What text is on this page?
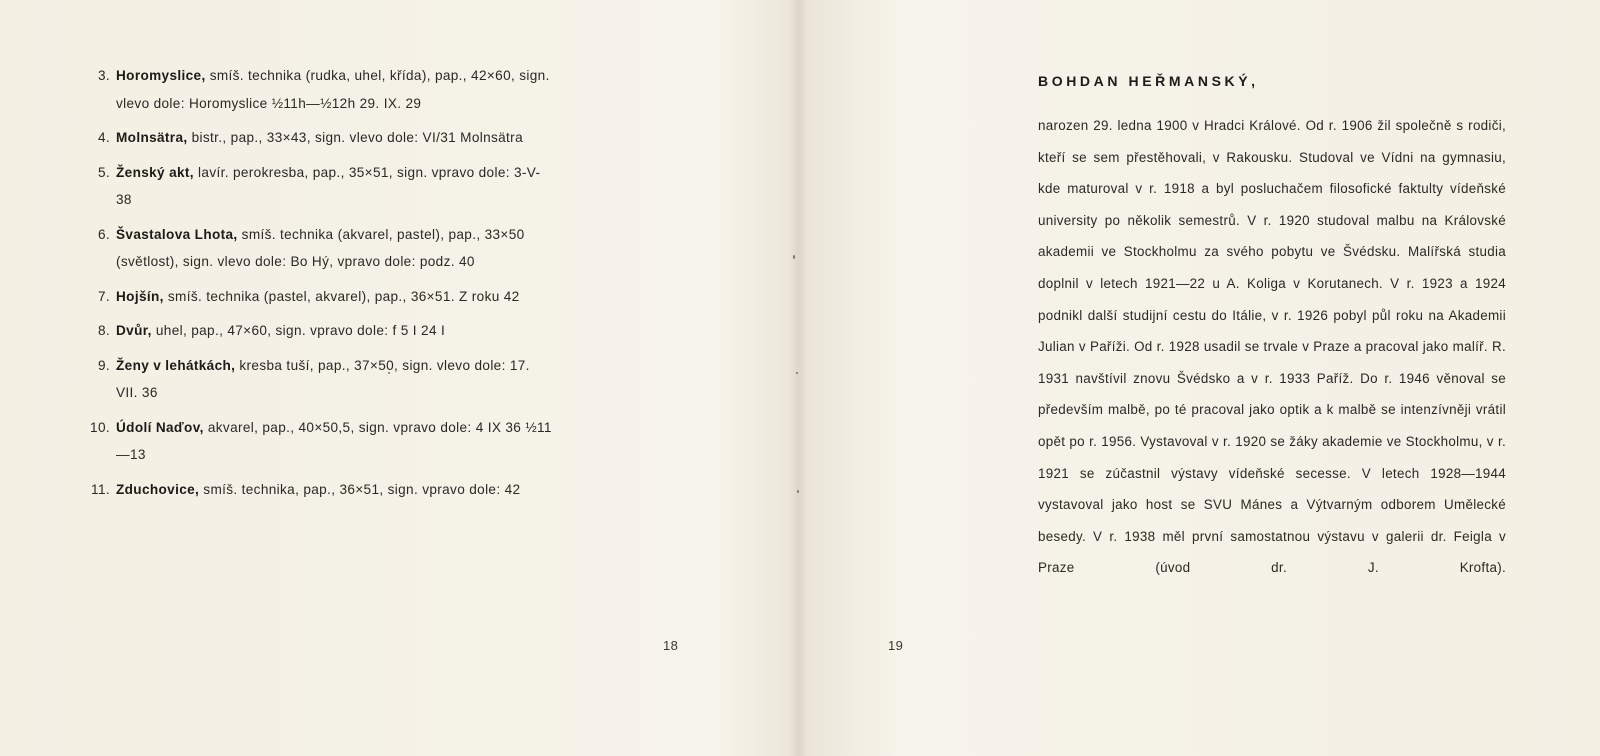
3. Horomyslice, smíš. technika (rudka, uhel, křída), pap., 42×60, sign. vlevo dole: Horomyslice ½11h—½12h 29. IX. 29
4. Molnsätra, bistr., pap., 33×43, sign. vlevo dole: VI/31 Molnsätra
5. Ženský akt, lavír. perokresba, pap., 35×51, sign. vpravo dole: 3-V-38
6. Švastalova Lhota, smíš. technika (akvarel, pastel), pap., 33×50 (světlost), sign. vlevo dole: Bo Hý, vpravo dole: podz. 40
7. Hojšín, smíš. technika (pastel, akvarel), pap., 36×51. Z roku 42
8. Dvůr, uhel, pap., 47×60, sign. vpravo dole: f 5 I 24 I
9. Ženy v lehátkách, kresba tuší, pap., 37×50, sign. vlevo dole: 17. VII. 36
10. Údolí Naďov, akvarel, pap., 40×50,5, sign. vpravo dole: 4 IX 36 ½11—13
11. Zduchovice, smíš. technika, pap., 36×51, sign. vpravo dole: 42
18	19
BOHDAN HEŘMANSKÝ,

narozen 29. ledna 1900 v Hradci Králové. Od r. 1906 žil společně s rodiči, kteří se sem přestěhovali, v Rakousku. Studoval ve Vídni na gymnasiu, kde maturoval v r. 1918 a byl posluchačem filosofické faktulty vídeňské university po několik semestrů. V r. 1920 studoval malbu na Královské akademii ve Stockholmu za svého pobytu ve Švédsku. Malířská studia doplnil v letech 1921—22 u A. Koliga v Korutanech. V r. 1923 a 1924 podnikl další studijní cestu do Itálie, v r. 1926 pobyl půl roku na Akademii Julian v Paříži. Od r. 1928 usadil se trvale v Praze a pracoval jako malíř. R. 1931 navštívil znovu Švédsko a v r. 1933 Paříž. Do r. 1946 věnoval se především malbě, po té pracoval jako optik a k malbě se intenzívněji vrátil opět po r. 1956. Vystavoval v r. 1920 se žáky akademie ve Stockholmu, v r. 1921 se zúčastnil výstavy vídeňské secesse. V letech 1928—1944 vystavoval jako host se SVU Mánes a Výtvarným odborem Umělecké besedy. V r. 1938 měl první samostatnou výstavu v galerii dr. Feigla v Praze (úvod dr. J. Krofta).
